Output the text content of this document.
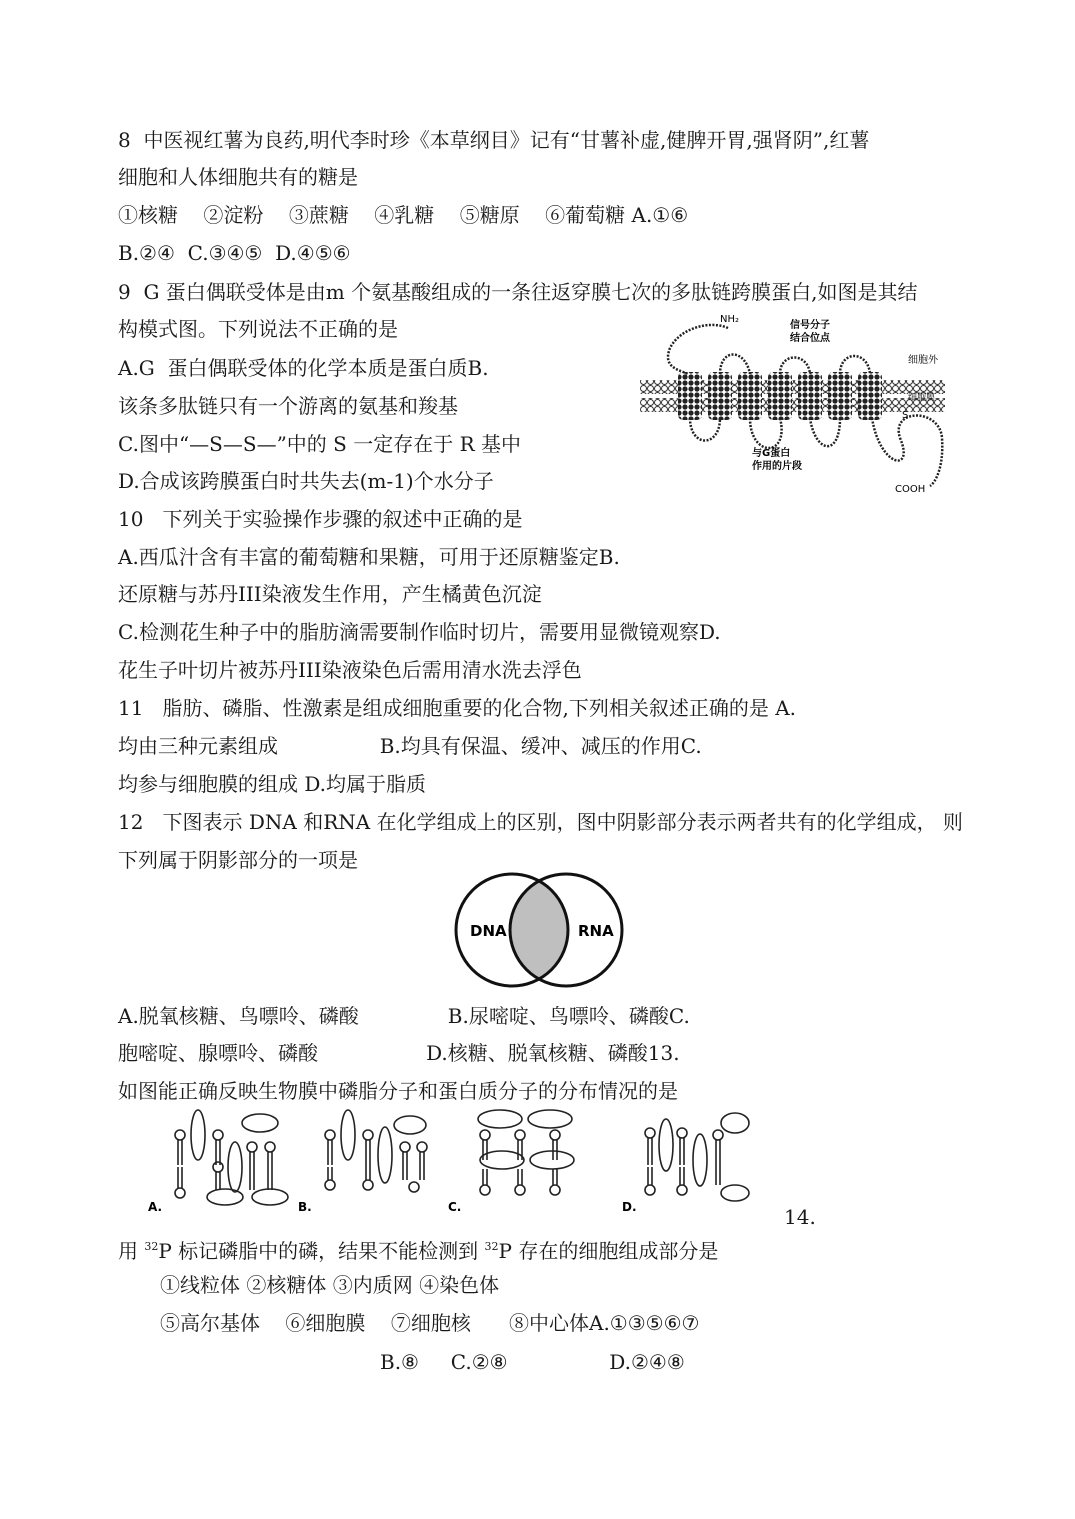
8  中医视红薯为良药,明代李时珍《本草纲目》记有“甘薯补虚,健脾开胃,强肾阴”,红薯
细胞和人体细胞共有的糖是
①核糖    ②淀粉    ③蔗糖    ④乳糖    ⑤糖原    ⑥葡萄糖 A.①⑥
B.②④  C.③④⑤  D.④⑤⑥
9  G 蛋白偶联受体是由m 个氨基酸组成的一条往返穿膜七次的多肽链跨膜蛋白,如图是其结
构模式图。下列说法不正确的是
A.G  蛋白偶联受体的化学本质是蛋白质B.
该条多肽链只有一个游离的氨基和羧基
C.图中“—S—S—”中的 S 一定存在于 R 基中
D.合成该跨膜蛋白时共失去(m-1)个水分子
NH₂
信号分子
结合位点
细胞外
细胞膜
S
与G蛋白
作用的片段
COOH
10   下列关于实验操作步骤的叙述中正确的是
A.西瓜汁含有丰富的葡萄糖和果糖，可用于还原糖鉴定B.
还原糖与苏丹III染液发生作用，产生橘黄色沉淀
C.检测花生种子中的脂肪滴需要制作临时切片，需要用显微镜观察D.
花生子叶切片被苏丹III染液染色后需用清水洗去浮色
11   脂肪、磷脂、性激素是组成细胞重要的化合物,下列相关叙述正确的是 A.
均由三种元素组成                B.均具有保温、缓冲、减压的作用C.
均参与细胞膜的组成 D.均属于脂质
12   下图表示 DNA 和RNA 在化学组成上的区别，图中阴影部分表示两者共有的化学组成， 则
下列属于阴影部分的一项是
DNA	RNA
A.脱氧核糖、鸟嘌呤、磷酸              B.尿嘧啶、鸟嘌呤、磷酸C.
胞嘧啶、腺嘌呤、磷酸                 D.核糖、脱氧核糖、磷酸13.
如图能正确反映生物膜中磷脂分子和蛋白质分子的分布情况的是
A.	B.	C.	D.	14.
用 $^{32}$P 标记磷脂中的磷，结果不能检测到 $^{32}$P 存在的细胞组成部分是
①线粒体 ②核糖体 ③内质网 ④染色体
⑤高尔基体    ⑥细胞膜    ⑦细胞核      ⑧中心体A.①③⑤⑥⑦
B.⑧     C.②⑧                D.②④⑧
